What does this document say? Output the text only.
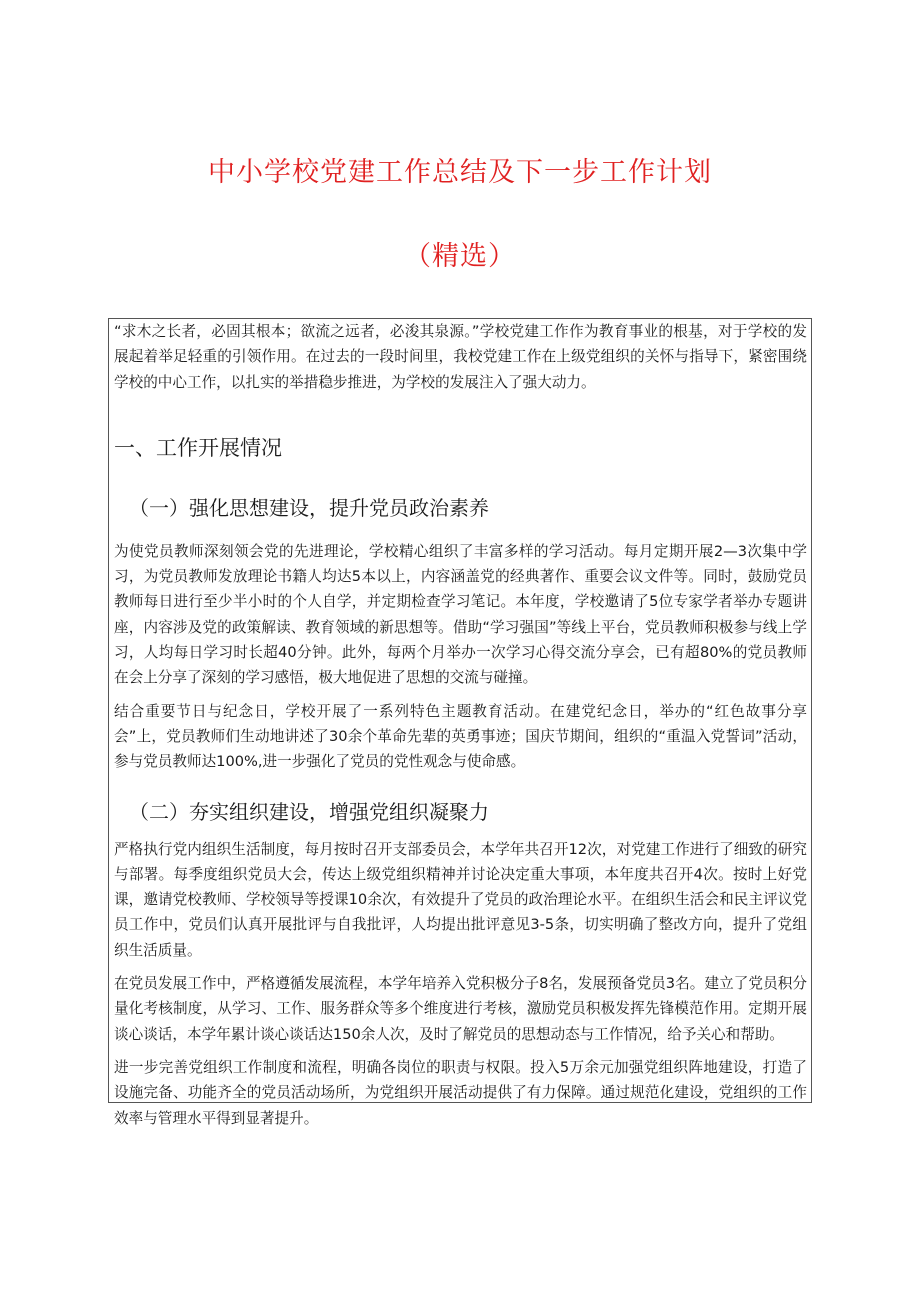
中小学校党建工作总结及下一步工作计划
（精选）

“求木之长者，必固其根本；欲流之远者，必浚其泉源。”学校党建工作作为教育事业的根基，对于学校的发展起着举足轻重的引领作用。在过去的一段时间里，我校党建工作在上级党组织的关怀与指导下，紧密围绕学校的中心工作，以扎实的举措稳步推进，为学校的发展注入了强大动力。

一、工作开展情况
（一）强化思想建设，提升党员政治素养

为使党员教师深刻领会党的先进理论，学校精心组织了丰富多样的学习活动。每月定期开展2—3次集中学习，为党员教师发放理论书籍人均达5本以上，内容涵盖党的经典著作、重要会议文件等。同时，鼓励党员教师每日进行至少半小时的个人自学，并定期检查学习笔记。本年度，学校邀请了5位专家学者举办专题讲座，内容涉及党的政策解读、教育领域的新思想等。借助“学习强国”等线上平台，党员教师积极参与线上学习，人均每日学习时长超40分钟。此外，每两个月举办一次学习心得交流分享会，已有超80%的党员教师在会上分享了深刻的学习感悟，极大地促进了思想的交流与碰撞。

结合重要节日与纪念日，学校开展了一系列特色主题教育活动。在建党纪念日，举办的“红色故事分享会”上，党员教师们生动地讲述了30余个革命先辈的英勇事迹；国庆节期间，组织的“重温入党誓词”活动，参与党员教师达100%,进一步强化了党员的党性观念与使命感。

（二）夯实组织建设，增强党组织凝聚力

严格执行党内组织生活制度，每月按时召开支部委员会，本学年共召开12次，对党建工作进行了细致的研究与部署。每季度组织党员大会，传达上级党组织精神并讨论决定重大事项，本年度共召开4次。按时上好党课，邀请党校教师、学校领导等授课10余次，有效提升了党员的政治理论水平。在组织生活会和民主评议党员工作中，党员们认真开展批评与自我批评，人均提出批评意见3-5条，切实明确了整改方向，提升了党组织生活质量。

在党员发展工作中，严格遵循发展流程，本学年培养入党积极分子8名，发展预备党员3名。建立了党员积分量化考核制度，从学习、工作、服务群众等多个维度进行考核，激励党员积极发挥先锋模范作用。定期开展谈心谈话，本学年累计谈心谈话达150余人次，及时了解党员的思想动态与工作情况，给予关心和帮助。

进一步完善党组织工作制度和流程，明确各岗位的职责与权限。投入5万余元加强党组织阵地建设，打造了设施完备、功能齐全的党员活动场所，为党组织开展活动提供了有力保障。通过规范化建设，党组织的工作效率与管理水平得到显著提升。
